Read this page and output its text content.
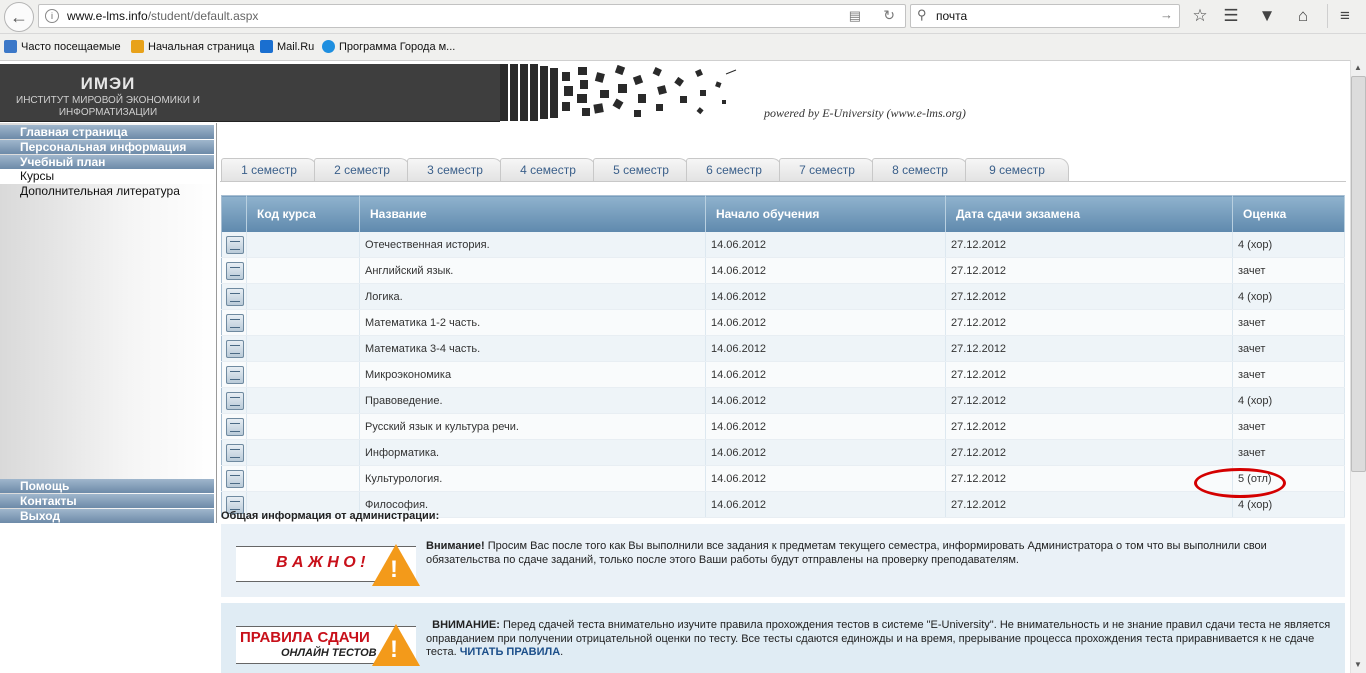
←	i	www.e-lms.info/student/default.aspx	▤ ↻ ⚲ почта	→ ☆ ☰ ▼	⌂	≡
Часто посещаемые Начальная страница Mail.Ru Программа Города м...
ИМЭИ
ИНСТИТУТ МИРОВОЙ ЭКОНОМИКИ И
ИНФОРМАТИЗАЦИИ	powered by E-University (www.e-lms.org)
Главная страница
Персональная информация
Учебный план
Курсы
Дополнительная литература
Помощь
Контакты
Выход
1 семестр	2 семестр	3 семестр	4 семестр	5 семестр	6 семестр	7 семестр	8 семестр	9 семестр
	Код курса	Название	Начало обучения	Дата сдачи экзамена	Оценка

		Отечественная история.	14.06.2012	27.12.2012	4 (хор)

		Английский язык.	14.06.2012	27.12.2012	зачет

		Логика.	14.06.2012	27.12.2012	4 (хор)

		Математика 1-2 часть.	14.06.2012	27.12.2012	зачет

		Математика 3-4 часть.	14.06.2012	27.12.2012	зачет

		Микроэкономика	14.06.2012	27.12.2012	зачет

		Правоведение.	14.06.2012	27.12.2012	4 (хор)

		Русский язык и культура речи.	14.06.2012	27.12.2012	зачет

		Информатика.	14.06.2012	27.12.2012	зачет

		Культурология.	14.06.2012	27.12.2012	5 (отл)

		Философия.	14.06.2012	27.12.2012	4 (хор)
Общая информация от администрации:
В А Ж Н О ! !
Внимание! Просим Вас после того как Вы выполнили все задания к предметам текущего семестра, информировать Администратора о том что вы выполнили свои обязательства по сдаче заданий, только после этого Ваши работы будут отправлены на проверку преподавателям.
ПРАВИЛА СДАЧИ
ОНЛАЙН ТЕСТОВ !
ВНИМАНИЕ: Перед сдачей теста внимательно изучите правила прохождения тестов в системе "E-University". Не внимательность и не знание правил сдачи теста не является оправданием при получении отрицательной оценки по тесту. Все тесты сдаются единожды и на время, прерывание процесса прохождения теста приравнивается к не сдаче теста. ЧИТАТЬ ПРАВИЛА.
▲
▼
